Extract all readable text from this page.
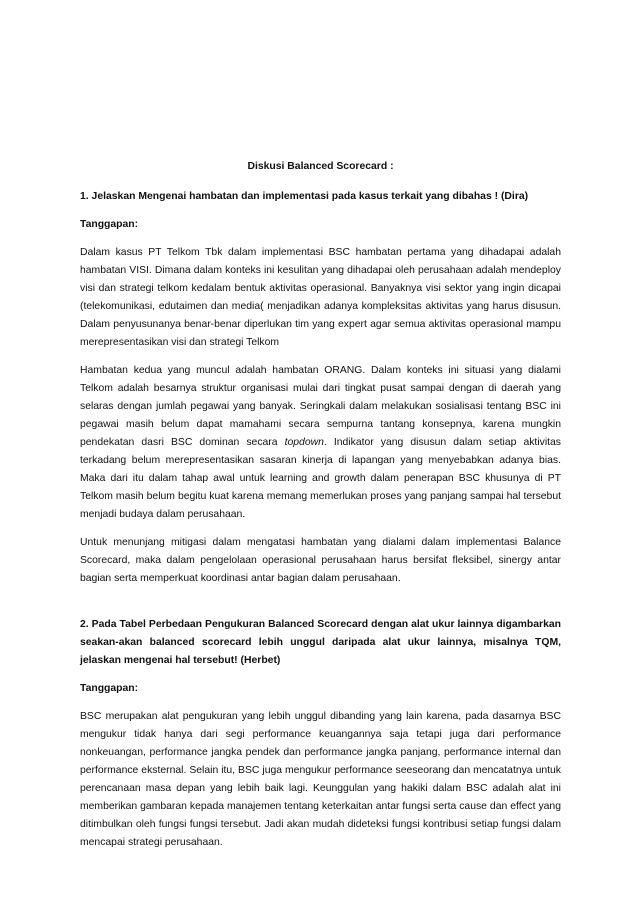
Diskusi Balanced Scorecard :
1. Jelaskan Mengenai hambatan dan implementasi pada kasus terkait yang dibahas ! (Dira)
Tanggapan:

Dalam kasus PT Telkom Tbk dalam implementasi BSC hambatan pertama yang dihadapai adalah hambatan VISI. Dimana dalam konteks ini kesulitan yang dihadapai oleh perusahaan adalah mendeploy visi dan strategi telkom kedalam bentuk aktivitas operasional. Banyaknya visi sektor yang ingin dicapai (telekomunikasi, edutaimen dan media( menjadikan adanya kompleksitas aktivitas yang harus disusun. Dalam penyusunanya benar-benar diperlukan tim yang expert agar semua aktivitas operasional mampu merepresentasikan visi dan strategi Telkom

Hambatan kedua yang muncul adalah hambatan ORANG. Dalam konteks ini situasi yang dialami Telkom adalah besarnya struktur organisasi mulai dari tingkat pusat sampai dengan di daerah yang selaras dengan jumlah pegawai yang banyak. Seringkali dalam melakukan sosialisasi tentang BSC ini pegawai masih belum dapat mamahami secara sempurna tantang konsepnya, karena mungkin pendekatan dasri BSC dominan secara topdown. Indikator yang disusun dalam setiap aktivitas terkadang belum merepresentasikan sasaran kinerja di lapangan yang menyebabkan adanya bias. Maka dari itu dalam tahap awal untuk learning and growth dalam penerapan BSC khusunya di PT Telkom masih belum begitu kuat karena memang memerlukan proses yang panjang sampai hal tersebut menjadi budaya dalam perusahaan.

Untuk menunjang mitigasi dalam mengatasi hambatan yang dialami dalam implementasi Balance Scorecard, maka dalam pengelolaan operasional perusahaan harus bersifat fleksibel, sinergy antar bagian serta memperkuat koordinasi antar bagian dalam perusahaan.

2. Pada Tabel Perbedaan Pengukuran Balanced Scorecard dengan alat ukur lainnya digambarkan seakan-akan balanced scorecard lebih unggul daripada alat ukur lainnya, misalnya TQM, jelaskan mengenai hal tersebut! (Herbet)
Tanggapan:

BSC merupakan alat pengukuran yang lebih unggul dibanding yang lain karena, pada dasarnya BSC mengukur tidak hanya dari segi performance keuangannya saja tetapi juga dari performance nonkeuangan, performance jangka pendek dan performance jangka panjang, performance internal dan performance eksternal. Selain itu, BSC juga mengukur performance seeseorang dan mencatatnya untuk perencanaan masa depan yang lebih baik lagi. Keunggulan yang hakiki dalam BSC adalah alat ini memberikan gambaran kepada manajemen tentang keterkaitan antar fungsi serta cause dan effect yang ditimbulkan oleh fungsi fungsi tersebut. Jadi akan mudah dideteksi fungsi kontribusi setiap fungsi dalam mencapai strategi perusahaan.
